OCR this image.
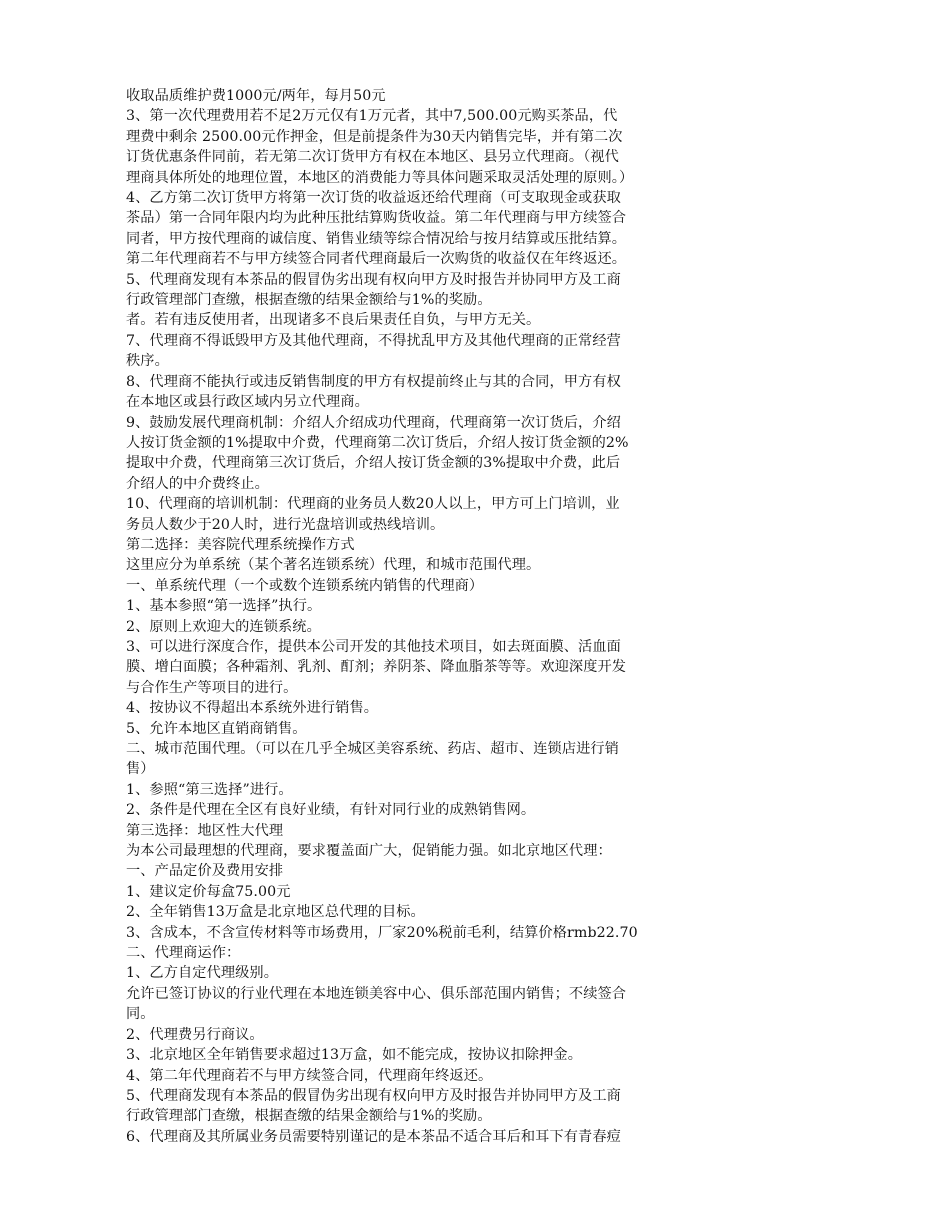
收取品质维护费1000元/两年，每月50元
3、第一次代理费用若不足2万元仅有1万元者，其中7,500.00元购买茶品，代
理费中剩余 2500.00元作押金，但是前提条件为30天内销售完毕，并有第二次
订货优惠条件同前，若无第二次订货甲方有权在本地区、县另立代理商。（视代
理商具体所处的地理位置，本地区的消费能力等具体问题采取灵活处理的原则。）
4、乙方第二次订货甲方将第一次订货的收益返还给代理商（可支取现金或获取
茶品）第一合同年限内均为此种压批结算购货收益。第二年代理商与甲方续签合
同者，甲方按代理商的诚信度、销售业绩等综合情况给与按月结算或压批结算。
第二年代理商若不与甲方续签合同者代理商最后一次购货的收益仅在年终返还。
5、代理商发现有本茶品的假冒伪劣出现有权向甲方及时报告并协同甲方及工商
行政管理部门查缴，根据查缴的结果金额给与1%的奖励。
者。若有违反使用者，出现诸多不良后果责任自负，与甲方无关。
7、代理商不得诋毁甲方及其他代理商，不得扰乱甲方及其他代理商的正常经营
秩序。
8、代理商不能执行或违反销售制度的甲方有权提前终止与其的合同，甲方有权
在本地区或县行政区域内另立代理商。
9、鼓励发展代理商机制：介绍人介绍成功代理商，代理商第一次订货后，介绍
人按订货金额的1%提取中介费，代理商第二次订货后，介绍人按订货金额的2%
提取中介费，代理商第三次订货后，介绍人按订货金额的3%提取中介费，此后
介绍人的中介费终止。
10、代理商的培训机制：代理商的业务员人数20人以上，甲方可上门培训，业
务员人数少于20人时，进行光盘培训或热线培训。
第二选择：美容院代理系统操作方式
这里应分为单系统（某个著名连锁系统）代理，和城市范围代理。
一、单系统代理（一个或数个连锁系统内销售的代理商）
1、基本参照“第一选择”执行。
2、原则上欢迎大的连锁系统。
3、可以进行深度合作，提供本公司开发的其他技术项目，如去斑面膜、活血面
膜、增白面膜；各种霜剂、乳剂、酊剂；养阴茶、降血脂茶等等。欢迎深度开发
与合作生产等项目的进行。
4、按协议不得超出本系统外进行销售。
5、允许本地区直销商销售。
二、城市范围代理。（可以在几乎全城区美容系统、药店、超市、连锁店进行销
售）
1、参照“第三选择”进行。
2、条件是代理在全区有良好业绩，有针对同行业的成熟销售网。
第三选择：地区性大代理
为本公司最理想的代理商，要求覆盖面广大，促销能力强。如北京地区代理：
一、产品定价及费用安排
1、建议定价每盒75.00元
2、全年销售13万盒是北京地区总代理的目标。
3、含成本，不含宣传材料等市场费用，厂家20%税前毛利，结算价格rmb22.70
二、代理商运作：
1、乙方自定代理级别。
允许已签订协议的行业代理在本地连锁美容中心、俱乐部范围内销售；不续签合
同。
2、代理费另行商议。
3、北京地区全年销售要求超过13万盒，如不能完成，按协议扣除押金。
4、第二年代理商若不与甲方续签合同，代理商年终返还。
5、代理商发现有本茶品的假冒伪劣出现有权向甲方及时报告并协同甲方及工商
行政管理部门查缴，根据查缴的结果金额给与1%的奖励。
6、代理商及其所属业务员需要特别谨记的是本茶品不适合耳后和耳下有青春痘
